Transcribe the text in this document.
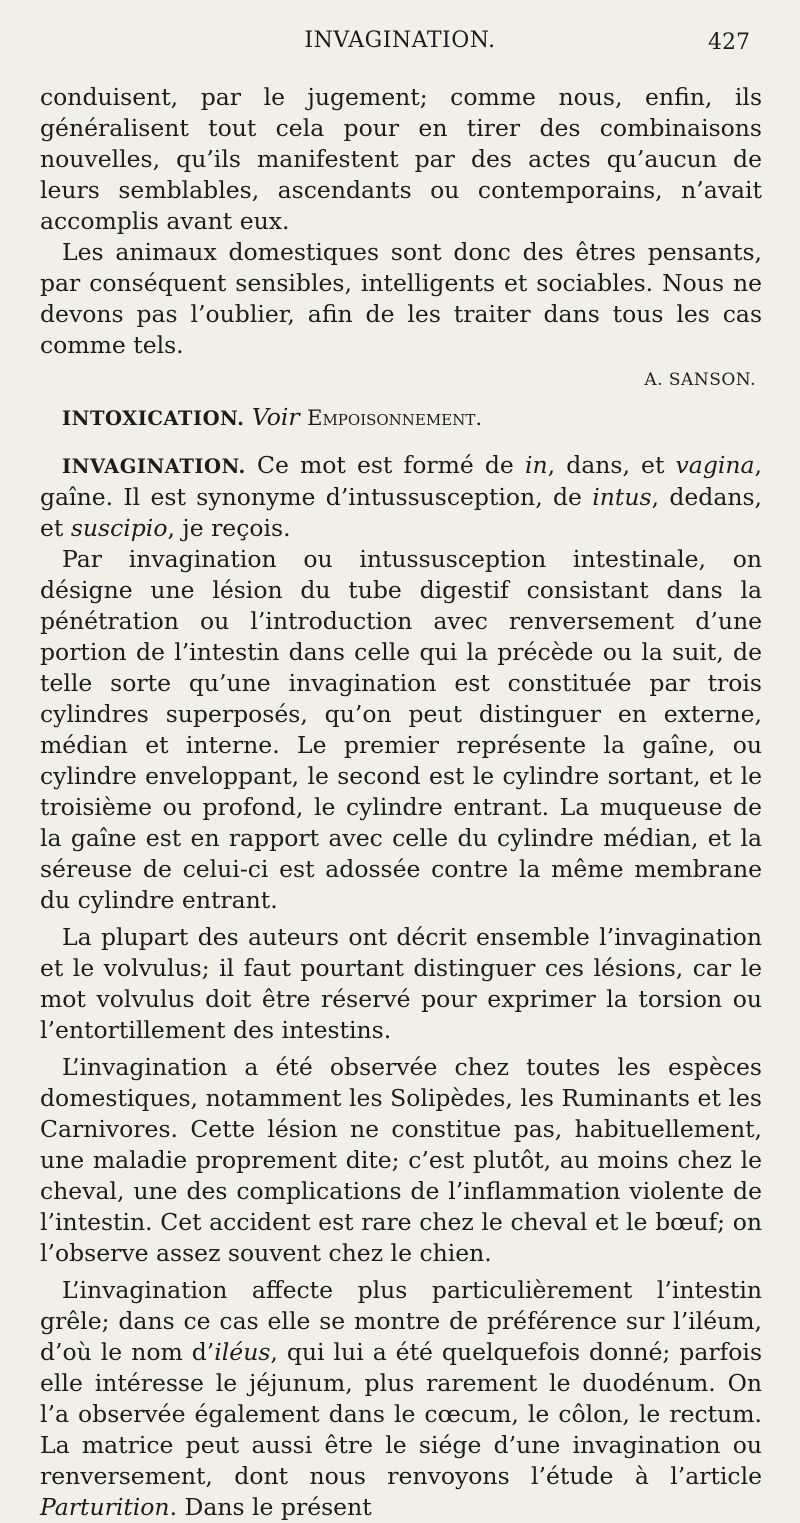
INVAGINATION.	427

conduisent, par le jugement; comme nous, enfin, ils généralisent tout cela pour en tirer des combinaisons nouvelles, qu’ils manifestent par des actes qu’aucun de leurs semblables, ascendants ou contemporains, n’avait accomplis avant eux.

Les animaux domestiques sont donc des êtres pensants, par conséquent sensibles, intelligents et sociables. Nous ne devons pas l’oublier, afin de les traiter dans tous les cas comme tels.

A. SANSON.

INTOXICATION. Voir Empoisonnement.

INVAGINATION. Ce mot est formé de in, dans, et vagina, gaîne. Il est synonyme d’intussusception, de intus, dedans, et suscipio, je reçois.

Par invagination ou intussusception intestinale, on désigne une lésion du tube digestif consistant dans la pénétration ou l’introduction avec renversement d’une portion de l’intestin dans celle qui la précède ou la suit, de telle sorte qu’une invagination est constituée par trois cylindres superposés, qu’on peut distinguer en externe, médian et interne. Le premier représente la gaîne, ou cylindre enveloppant, le second est le cylindre sortant, et le troisième ou profond, le cylindre entrant. La muqueuse de la gaîne est en rapport avec celle du cylindre médian, et la séreuse de celui-ci est adossée contre la même membrane du cylindre entrant.

La plupart des auteurs ont décrit ensemble l’invagination et le volvulus; il faut pourtant distinguer ces lésions, car le mot volvulus doit être réservé pour exprimer la torsion ou l’entortillement des intestins.

L’invagination a été observée chez toutes les espèces domestiques, notamment les Solipèdes, les Ruminants et les Carnivores. Cette lésion ne constitue pas, habituellement, une maladie proprement dite; c’est plutôt, au moins chez le cheval, une des complications de l’inflammation violente de l’intestin. Cet accident est rare chez le cheval et le bœuf; on l’observe assez souvent chez le chien.

L’invagination affecte plus particulièrement l’intestin grêle; dans ce cas elle se montre de préférence sur l’iléum, d’où le nom d’iléus, qui lui a été quelquefois donné; parfois elle intéresse le jéjunum, plus rarement le duodénum. On l’a observée également dans le cœcum, le côlon, le rectum. La matrice peut aussi être le siége d’une invagination ou renversement, dont nous renvoyons l’étude à l’article Parturition. Dans le présent
